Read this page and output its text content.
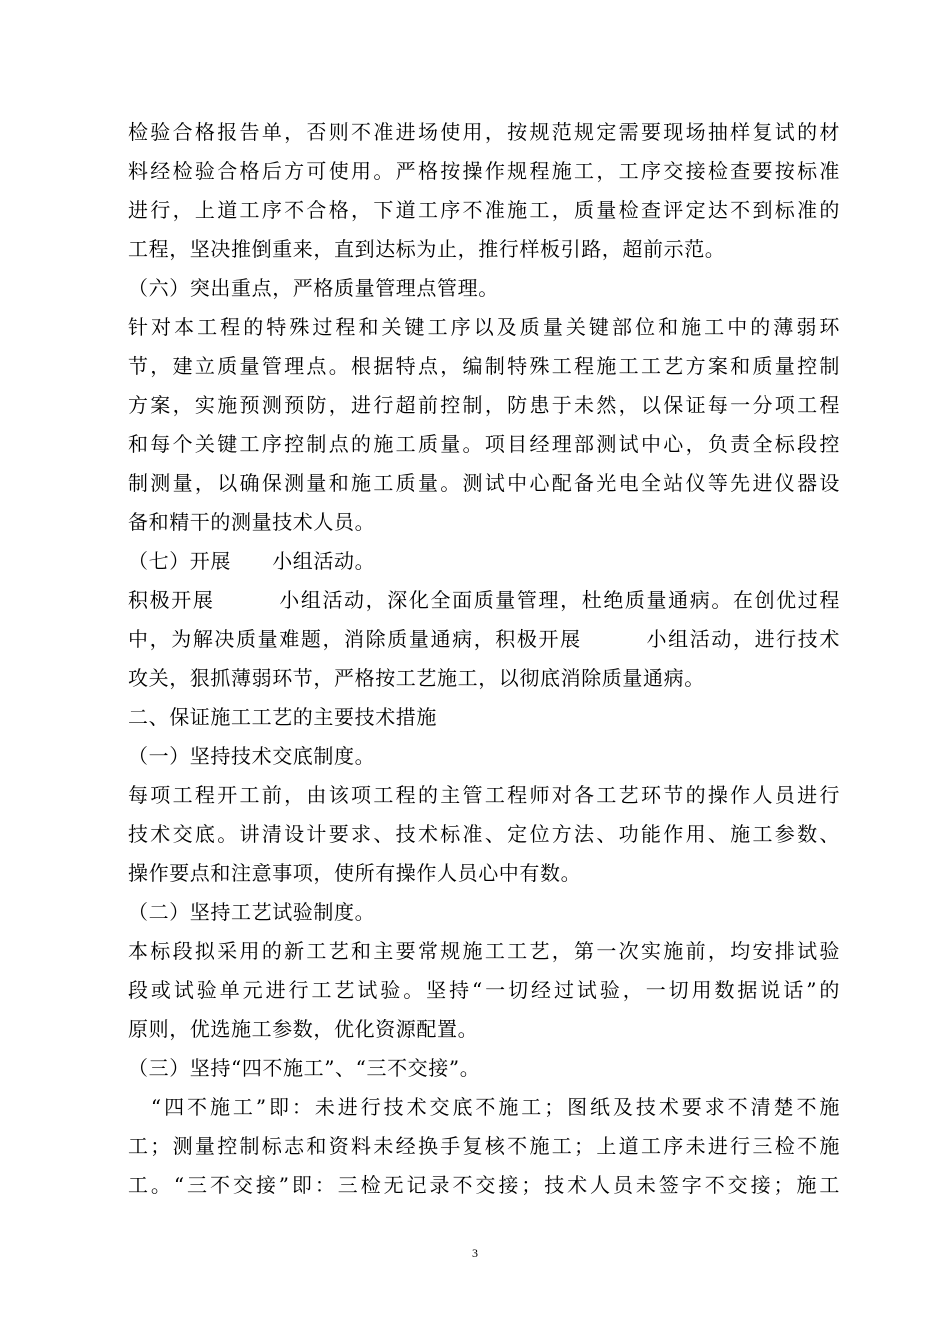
检验合格报告单，否则不准进场使用，按规范规定需要现场抽样复试的材
料经检验合格后方可使用。严格按操作规程施工，工序交接检查要按标准
进行，上道工序不合格，下道工序不准施工，质量检查评定达不到标准的
工程，坚决推倒重来，直到达标为止，推行样板引路，超前示范。
（六）突出重点，严格质量管理点管理。
针对本工程的特殊过程和关键工序以及质量关键部位和施工中的薄弱环
节，建立质量管理点。根据特点，编制特殊工程施工工艺方案和质量控制
方案，实施预测预防，进行超前控制，防患于未然，以保证每一分项工程
和每个关键工序控制点的施工质量。项目经理部测试中心，负责全标段控
制测量，以确保测量和施工质量。测试中心配备光电全站仪等先进仪器设
备和精干的测量技术人员。
（七）开展　　小组活动。
积极开展　　　小组活动，深化全面质量管理，杜绝质量通病。在创优过程
中，为解决质量难题，消除质量通病，积极开展　　　小组活动，进行技术
攻关，狠抓薄弱环节，严格按工艺施工，以彻底消除质量通病。
二、保证施工工艺的主要技术措施
（一）坚持技术交底制度。
每项工程开工前，由该项工程的主管工程师对各工艺环节的操作人员进行
技术交底。讲清设计要求、技术标准、定位方法、功能作用、施工参数、
操作要点和注意事项，使所有操作人员心中有数。
（二）坚持工艺试验制度。
本标段拟采用的新工艺和主要常规施工工艺，第一次实施前，均安排试验
段或试验单元进行工艺试验。坚持“一切经过试验，一切用数据说话”的
原则，优选施工参数，优化资源配置。
（三）坚持“四不施工”、“三不交接”。
　“四不施工”即：未进行技术交底不施工；图纸及技术要求不清楚不施
工；测量控制标志和资料未经换手复核不施工；上道工序未进行三检不施
工。“三不交接”即：三检无记录不交接；技术人员未签字不交接；施工
3
